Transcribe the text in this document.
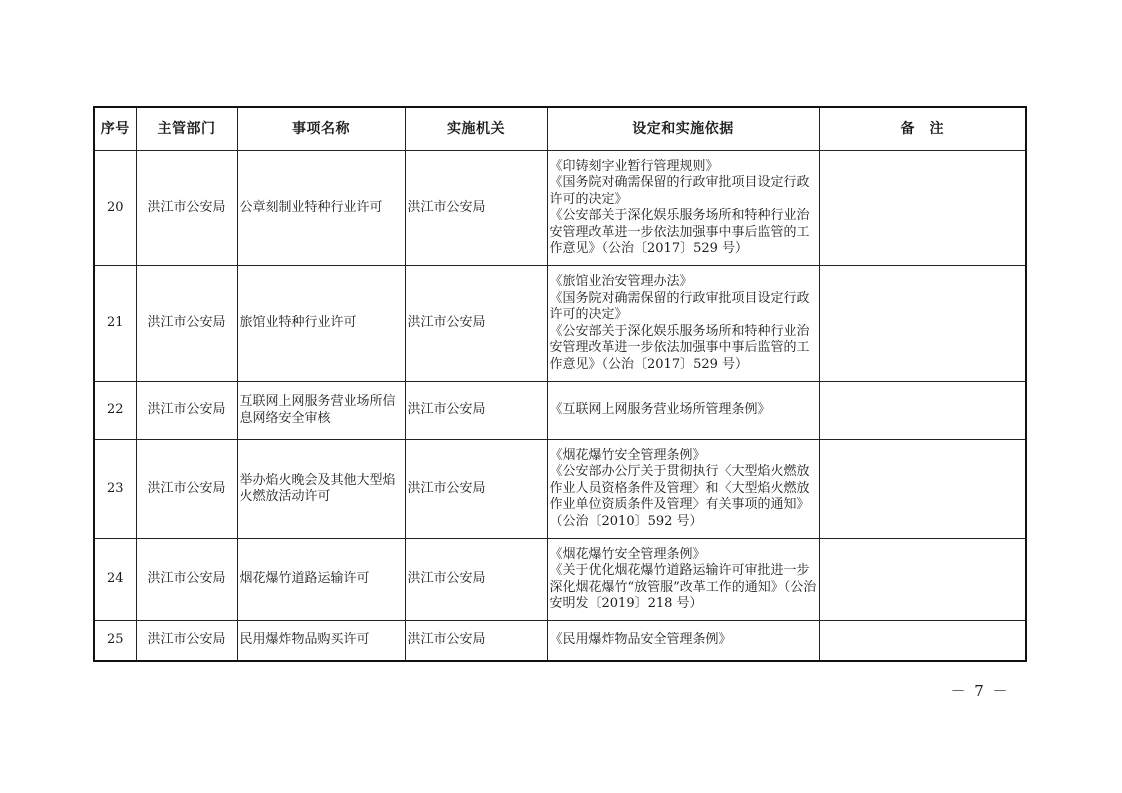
序号	主管部门	事项名称	实施机关	设定和实施依据	备　注
20	洪江市公安局	公章刻制业特种行业许可	洪江市公安局	《印铸刻字业暂行管理规则》
《国务院对确需保留的行政审批项目设定行政许可的决定》
《公安部关于深化娱乐服务场所和特种行业治安管理改革进一步依法加强事中事后监管的工作意见》（公治〔2017〕529 号）	

21	洪江市公安局	旅馆业特种行业许可	洪江市公安局	《旅馆业治安管理办法》
《国务院对确需保留的行政审批项目设定行政许可的决定》
《公安部关于深化娱乐服务场所和特种行业治安管理改革进一步依法加强事中事后监管的工作意见》（公治〔2017〕529 号）	

22	洪江市公安局	互联网上网服务营业场所信息网络安全审核	洪江市公安局	《互联网上网服务营业场所管理条例》	

23	洪江市公安局	举办焰火晚会及其他大型焰火燃放活动许可	洪江市公安局	《烟花爆竹安全管理条例》
《公安部办公厅关于贯彻执行〈大型焰火燃放作业人员资格条件及管理〉和〈大型焰火燃放作业单位资质条件及管理〉有关事项的通知》（公治〔2010〕592 号）	

24	洪江市公安局	烟花爆竹道路运输许可	洪江市公安局	《烟花爆竹安全管理条例》
《关于优化烟花爆竹道路运输许可审批进一步深化烟花爆竹“放管服”改革工作的通知》（公治安明发〔2019〕218 号）	

25	洪江市公安局	民用爆炸物品购买许可	洪江市公安局	《民用爆炸物品安全管理条例》	

－ 7 －
